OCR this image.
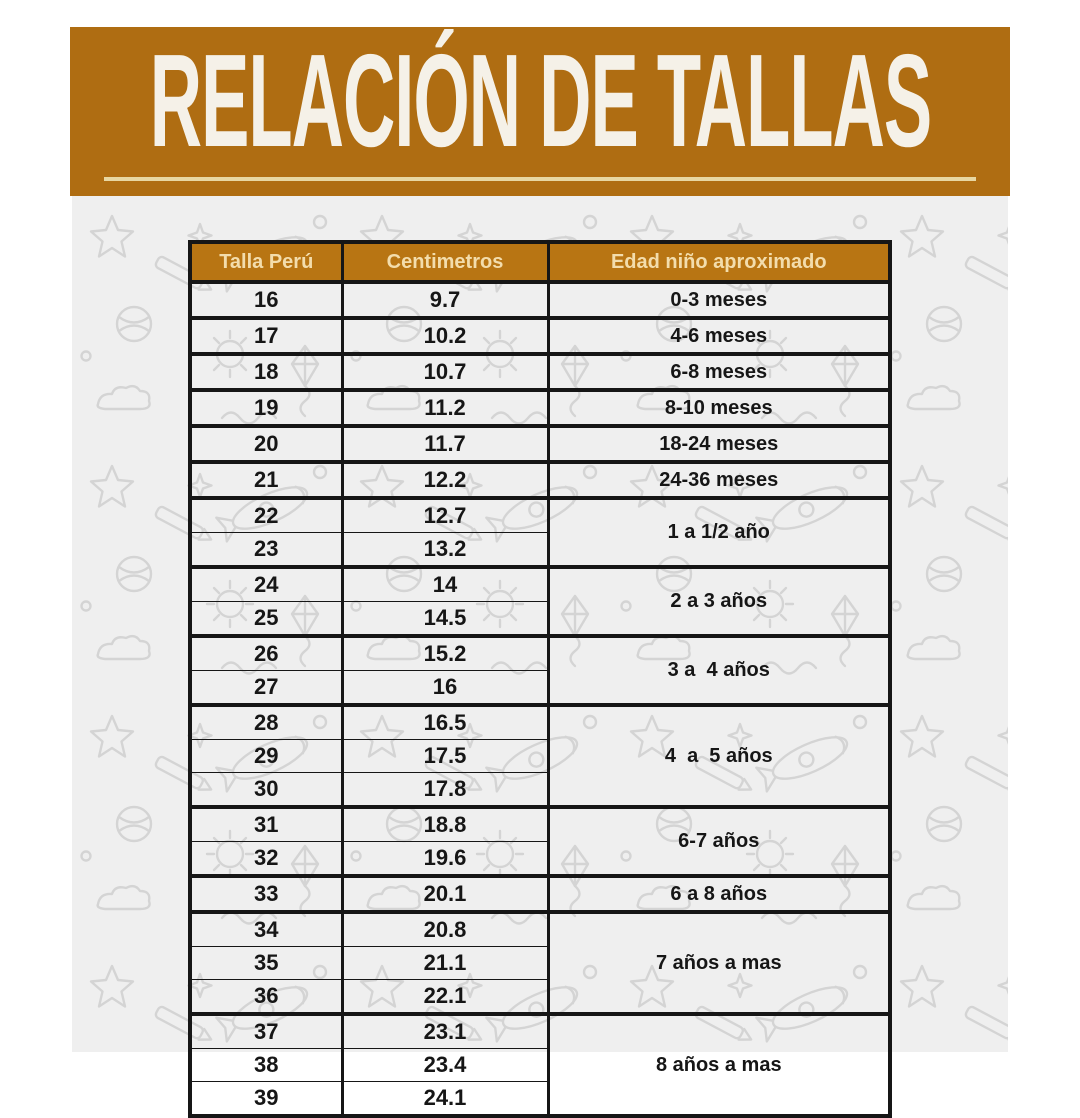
RELACIÓN DE TALLAS
Talla Perú	Centimetros	Edad niño aproximado
16	9.7	0-3 meses
17	10.2	4-6 meses
18	10.7	6-8 meses
19	11.2	8-10 meses
20	11.7	18-24 meses
21	12.2	24-36 meses
22	12.7	1 a 1/2 año
23	13.2	
24	14	2 a 3 años
25	14.5	
26	15.2	3 a  4 años
27	16	
28	16.5	4  a  5 años
29	17.5	
30	17.8	
31	18.8	6-7 años
32	19.6	
33	20.1	6 a 8 años
34	20.8	7 años a mas
35	21.1	
36	22.1	
37	23.1	8 años a mas
38	23.4	
39	24.1	
